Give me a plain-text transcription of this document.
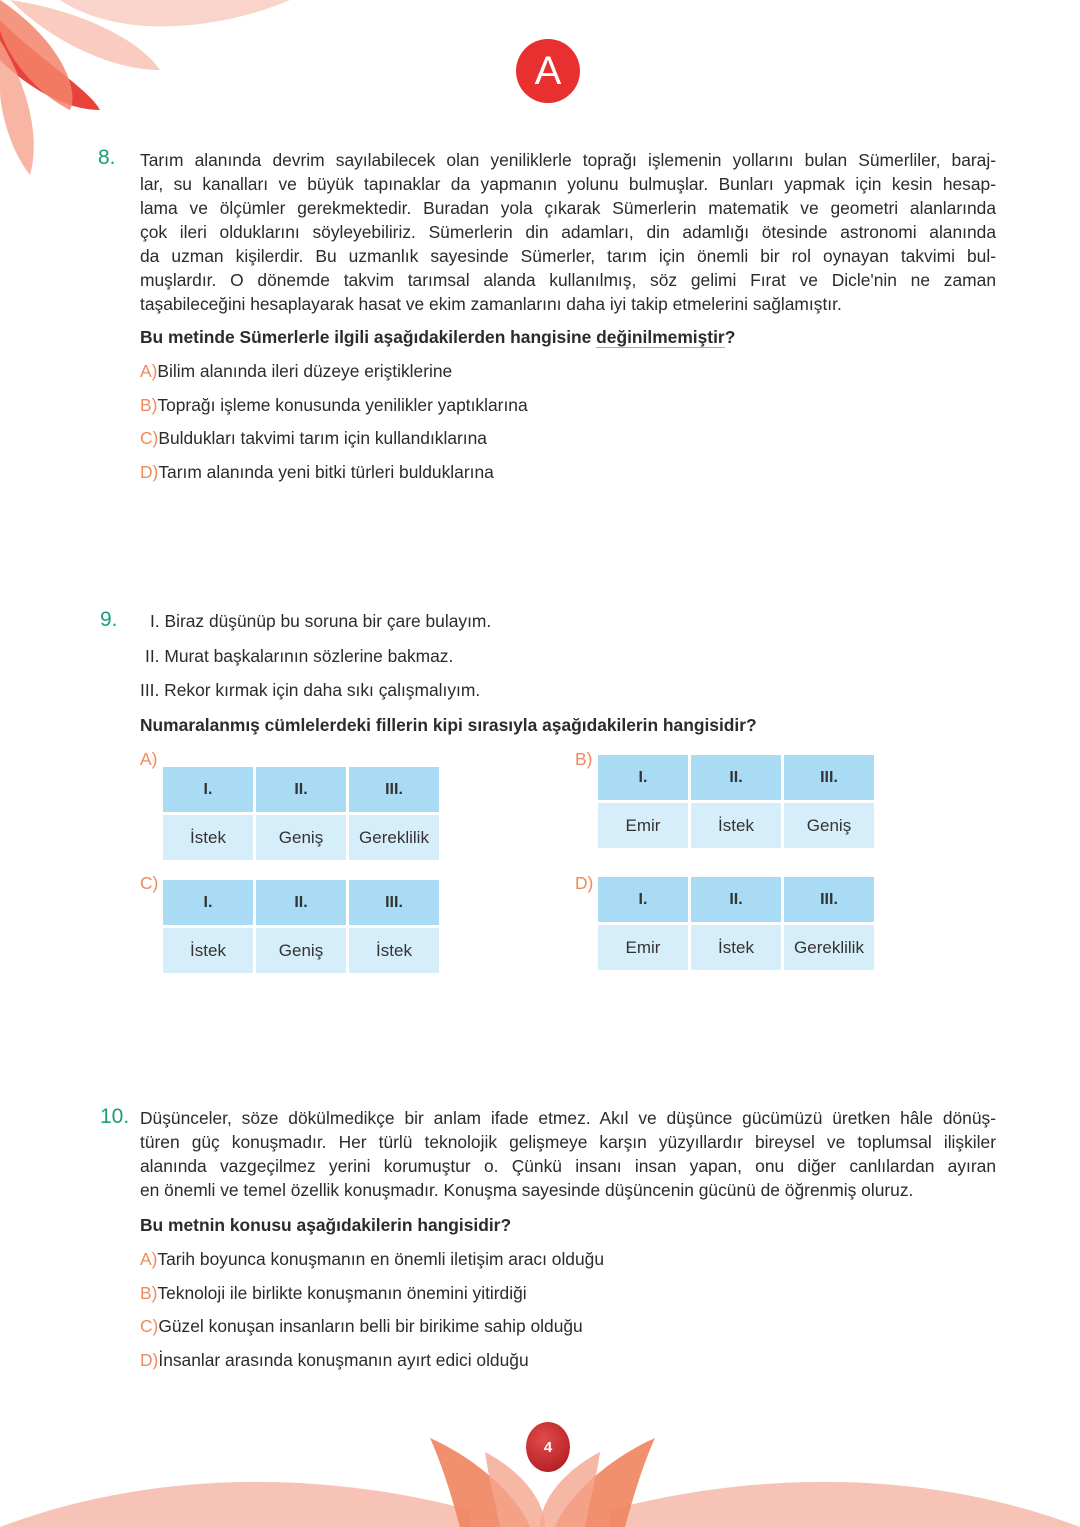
A
8. Tarım alanında devrim sayılabilecek olan yeniliklerle toprağı işlemenin yollarını bulan Sümerliler, baraj-
lar, su kanalları ve büyük tapınaklar da yapmanın yolunu bulmuşlar. Bunları yapmak için kesin hesap-
lama ve ölçümler gerekmektedir. Buradan yola çıkarak Sümerlerin matematik ve geometri alanlarında
çok ileri olduklarını söyleyebiliriz. Sümerlerin din adamları, din adamlığı ötesinde astronomi alanında
da uzman kişilerdir. Bu uzmanlık sayesinde Sümerler, tarım için önemli bir rol oynayan takvimi bul-
muşlardır. O dönemde takvim tarımsal alanda kullanılmış, söz gelimi Fırat ve Dicle'nin ne zaman
taşabileceğini hesaplayarak hasat ve ekim zamanlarını daha iyi takip etmelerini sağlamıştır.
Bu metinde Sümerlerle ilgili aşağıdakilerden hangisine değinilmemiştir?
A)Bilim alanında ileri düzeye eriştiklerine
B)Toprağı işleme konusunda yenilikler yaptıklarına
C)Buldukları takvimi tarım için kullandıklarına
D)Tarım alanında yeni bitki türleri bulduklarına
9. I. Biraz düşünüp bu soruna bir çare bulayım.
II. Murat başkalarının sözlerine bakmaz.
III. Rekor kırmak için daha sıkı çalışmalıyım.
Numaralanmış cümlelerdeki fillerin kipi sırasıyla aşağıdakilerin hangisidir?
A)
I.	II.	III.
İstek	Geniş	Gereklilik
B)
I.	II.	III.
Emir	İstek	Geniş
C)
I.	II.	III.
İstek	Geniş	İstek
D)
I.	II.	III.
Emir	İstek	Gereklilik
10. Düşünceler, söze dökülmedikçe bir anlam ifade etmez. Akıl ve düşünce gücümüzü üretken hâle dönüş-
türen güç konuşmadır. Her türlü teknolojik gelişmeye karşın yüzyıllardır bireysel ve toplumsal ilişkiler
alanında vazgeçilmez yerini korumuştur o. Çünkü insanı insan yapan, onu diğer canlılardan ayıran
en önemli ve temel özellik konuşmadır. Konuşma sayesinde düşüncenin gücünü de öğrenmiş oluruz.
Bu metnin konusu aşağıdakilerin hangisidir?
A)Tarih boyunca konuşmanın en önemli iletişim aracı olduğu
B)Teknoloji ile birlikte konuşmanın önemini yitirdiği
C)Güzel konuşan insanların belli bir birikime sahip olduğu
D)İnsanlar arasında konuşmanın ayırt edici olduğu
4
